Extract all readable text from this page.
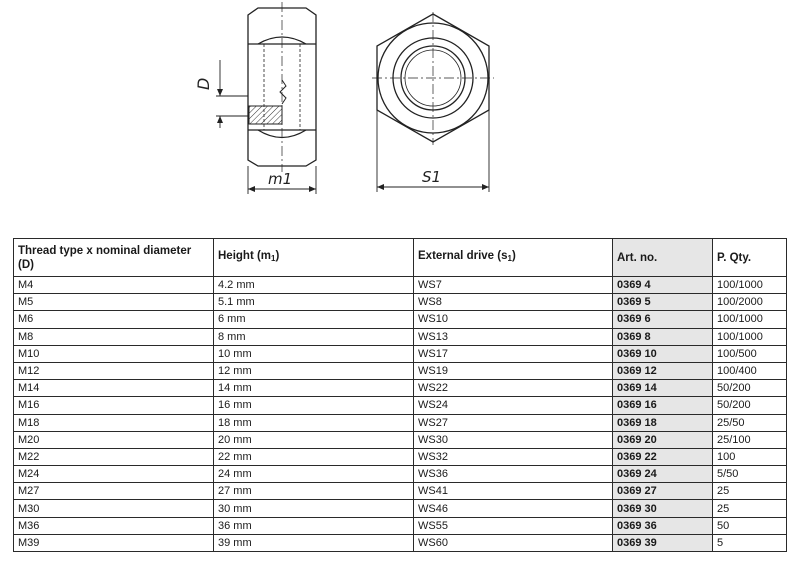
D
m1	S1
Thread type x nominal diameter (D)	Height $(m_1)$	External drive $(s_1)$	Art. no.	P. Qty.
M4	4.2 mm	WS7	0369 4	100/1000
M5	5.1 mm	WS8	0369 5	100/2000
M6	6 mm	WS10	0369 6	100/1000
M8	8 mm	WS13	0369 8	100/1000
M10	10 mm	WS17	0369 10	100/500
M12	12 mm	WS19	0369 12	100/400
M14	14 mm	WS22	0369 14	50/200
M16	16 mm	WS24	0369 16	50/200
M18	18 mm	WS27	0369 18	25/50
M20	20 mm	WS30	0369 20	25/100
M22	22 mm	WS32	0369 22	100
M24	24 mm	WS36	0369 24	5/50
M27	27 mm	WS41	0369 27	25
M30	30 mm	WS46	0369 30	25
M36	36 mm	WS55	0369 36	50
M39	39 mm	WS60	0369 39	5
